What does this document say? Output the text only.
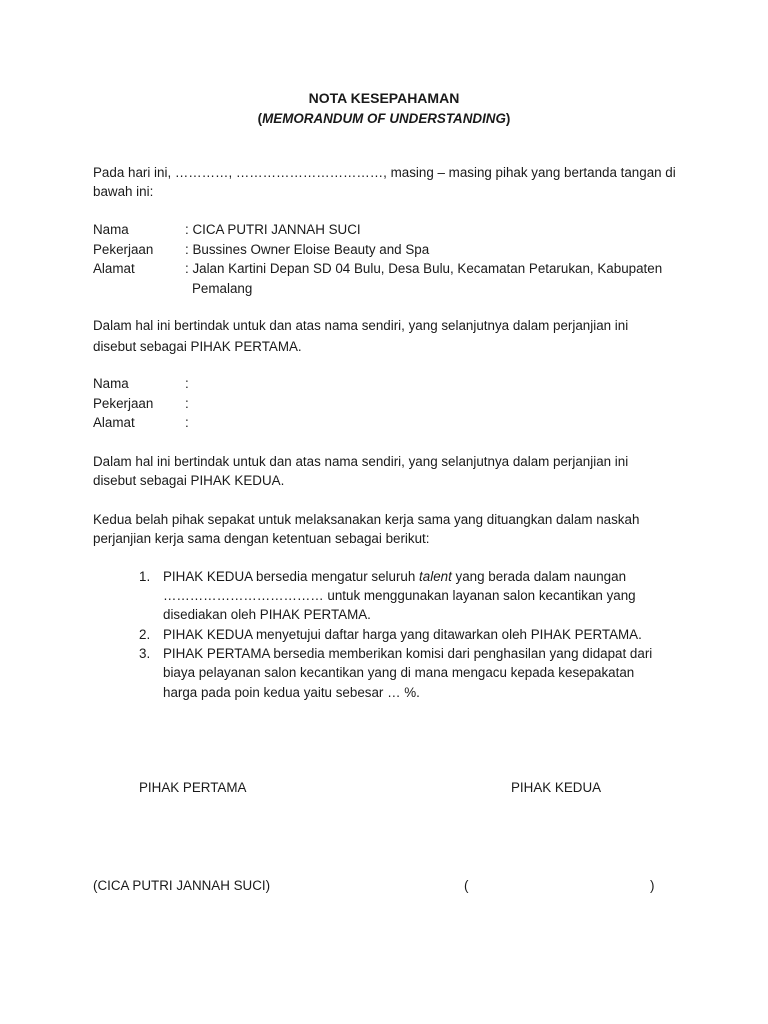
NOTA KESEPAHAMAN
(MEMORANDUM OF UNDERSTANDING)
Pada hari ini, …………, ……………………………, masing – masing pihak yang bertanda tangan di
bawah ini:
Nama	: CICA PUTRI JANNAH SUCI
Pekerjaan : Bussines Owner Eloise Beauty and Spa
Alamat	: Jalan Kartini Depan SD 04 Bulu, Desa Bulu, Kecamatan Petarukan, Kabupaten
Pemalang
Dalam hal ini bertindak untuk dan atas nama sendiri, yang selanjutnya dalam perjanjian ini
disebut sebagai PIHAK PERTAMA.
Nama	:
Pekerjaan :
Alamat	:
Dalam hal ini bertindak untuk dan atas nama sendiri, yang selanjutnya dalam perjanjian ini
disebut sebagai PIHAK KEDUA.
Kedua belah pihak sepakat untuk melaksanakan kerja sama yang dituangkan dalam naskah
perjanjian kerja sama dengan ketentuan sebagai berikut:
1. PIHAK KEDUA bersedia mengatur seluruh talent yang berada dalam naungan
……………………………… untuk menggunakan layanan salon kecantikan yang
disediakan oleh PIHAK PERTAMA.
2. PIHAK KEDUA menyetujui daftar harga yang ditawarkan oleh PIHAK PERTAMA.
3. PIHAK PERTAMA bersedia memberikan komisi dari penghasilan yang didapat dari
biaya pelayanan salon kecantikan yang di mana mengacu kepada kesepakatan
harga pada poin kedua yaitu sebesar … %.
PIHAK PERTAMA	PIHAK KEDUA
(CICA PUTRI JANNAH SUCI)	(	)
